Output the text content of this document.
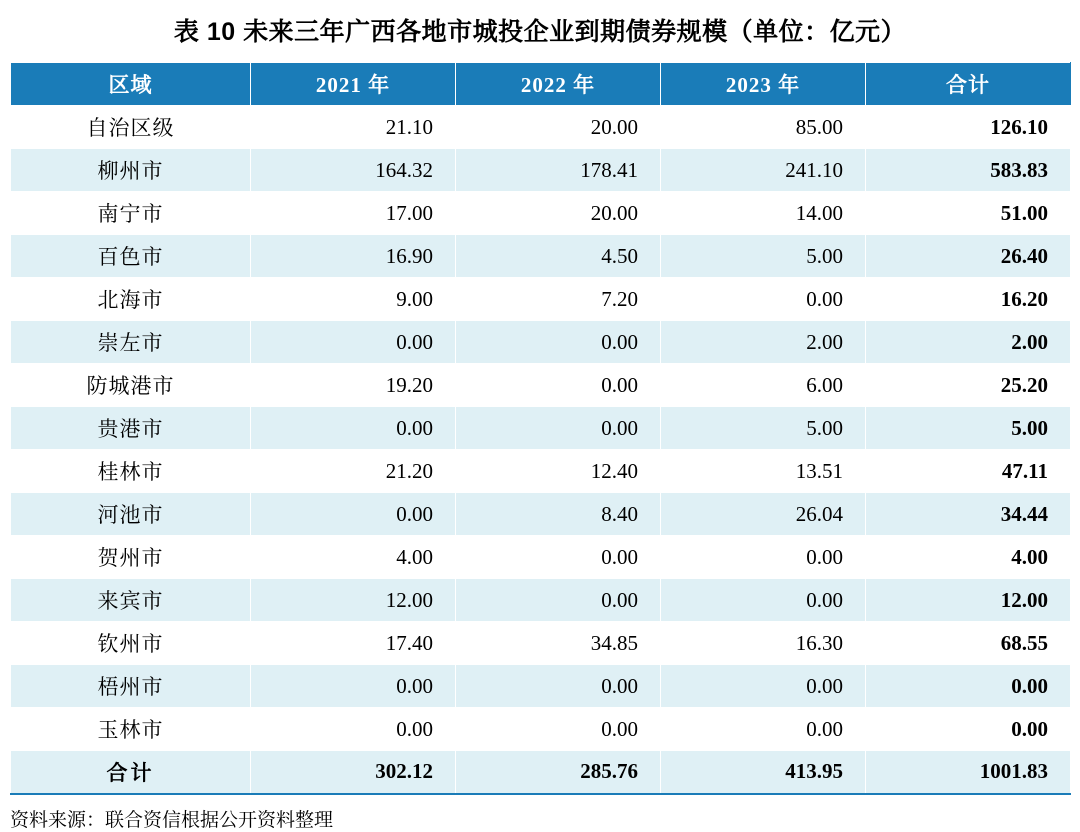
表 10 未来三年广西各地市城投企业到期债券规模（单位：亿元）
区域	2021 年	2022 年	2023 年	合计
自治区级	21.10	20.00	85.00	126.10
柳州市	164.32	178.41	241.10	583.83
南宁市	17.00	20.00	14.00	51.00
百色市	16.90	4.50	5.00	26.40
北海市	9.00	7.20	0.00	16.20
崇左市	0.00	0.00	2.00	2.00
防城港市	19.20	0.00	6.00	25.20
贵港市	0.00	0.00	5.00	5.00
桂林市	21.20	12.40	13.51	47.11
河池市	0.00	8.40	26.04	34.44
贺州市	4.00	0.00	0.00	4.00
来宾市	12.00	0.00	0.00	12.00
钦州市	17.40	34.85	16.30	68.55
梧州市	0.00	0.00	0.00	0.00
玉林市	0.00	0.00	0.00	0.00
合计	302.12	285.76	413.95	1001.83
资料来源：联合资信根据公开资料整理
